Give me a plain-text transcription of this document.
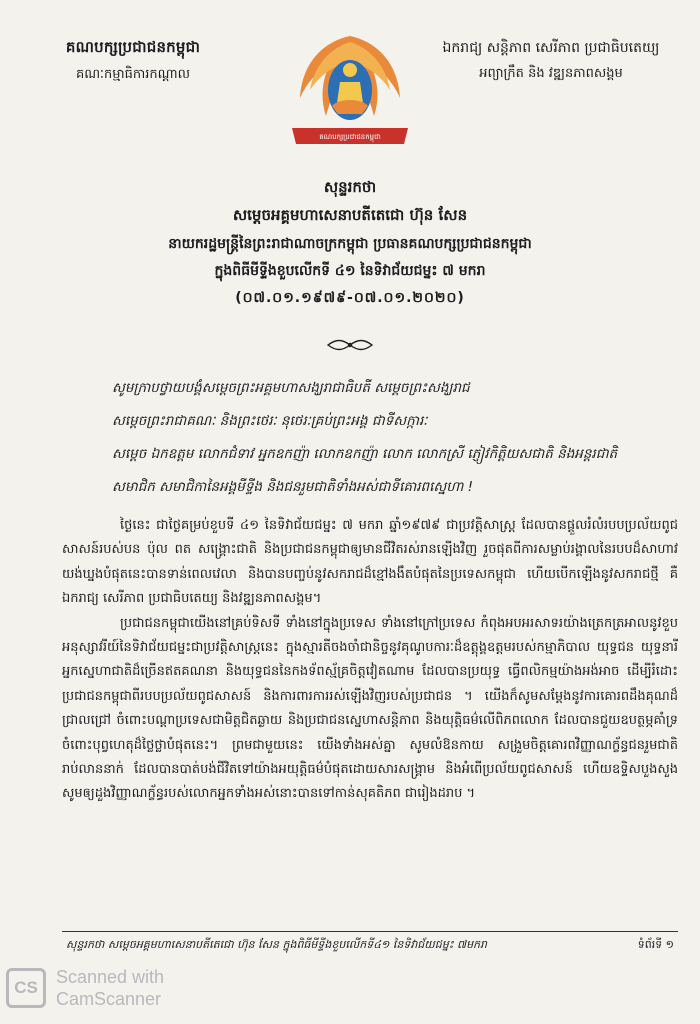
គណបក្សប្រជាជនកម្ពុជា
គណៈកម្មាធិការកណ្ដាល
គណបក្សប្រជាជនកម្ពុជា
ឯករាជ្យ សន្តិភាព សេរីភាព ប្រជាធិបតេយ្យ
អព្យាក្រឹត និង វឌ្ឍនភាពសង្គម
សុន្ទរកថា
សម្ដេចអគ្គមហាសេនាបតីតេជោ ហ៊ុន សែន
នាយករដ្ឋមន្ត្រីនៃព្រះរាជាណាចក្រកម្ពុជា ប្រធានគណបក្សប្រជាជនកម្ពុជា
ក្នុងពិធីមីទ្ទីងខួបលើកទី ៤១ នៃទិវាជ័យជម្នះ ៧ មករា
(០៧.០១.១៩៧៩-០៧.០១.២០២០)
សូមក្រាបថ្វាយបង្គំសម្ដេចព្រះអគ្គមហាសង្ឃរាជាធិបតី សម្ដេចព្រះសង្ឃរាជ
សម្ដេចព្រះរាជាគណៈ និងព្រះថេរៈ នុថេរៈគ្រប់ព្រះអង្គ ជាទីសក្ការៈ
សម្ដេច ឯកឧត្តម លោកជំទាវ អ្នកឧកញ៉ា លោកឧកញ៉ា លោក លោកស្រី ភ្ញៀវកិត្តិយសជាតិ និងអន្តរជាតិ
សមាជិក សមាជិកានៃអង្គមីទ្ទីង និងជនរួមជាតិទាំងអស់ជាទីគោរពស្នេហា !

ថ្ងៃនេះ ជាថ្ងៃគម្រប់ខួបទី ៤១ នៃទិវាជ័យជម្នះ ៧ មករា ឆ្នាំ១៩៧៩ ជាប្រវត្តិសាស្ត្រ ដែលបានផ្ដួលរំលំរបបប្រល័យពូជសាសន៍របស់បន ប៉ុល ពត សង្គ្រោះជាតិ និងប្រជាជនកម្ពុជាឲ្យមានជីវិតរស់រានឡើងវិញ រួចផុតពីការសម្លាប់រង្គាលនៃរបបដ៏សាហាវយង់ឃ្នងបំផុតនេះបានទាន់ពេលវេលា និងបានបញ្ចប់នូវសករាជដ៏ខ្មៅងងឹតបំផុតនៃប្រទេសកម្ពុជា ហើយបើកឡើងនូវសករាជថ្មី គឺឯករាជ្យ សេរីភាព ប្រជាធិបតេយ្យ និងវឌ្ឍនភាពសង្គម។

ប្រជាជនកម្ពុជាយើងនៅគ្រប់ទិសទី ទាំងនៅក្នុងប្រទេស ទាំងនៅក្រៅប្រទេស កំពុងអបអរសាទរយ៉ាងត្រេកត្រអាលនូវខួបអនុស្សាវរីយ៍នៃទិវាជ័យជម្នះជាប្រវត្តិសាស្ត្រនេះ ក្នុងស្មារតីចងចាំជានិច្ចនូវគុណូបការៈដ៏ឧត្តុង្គឧត្តមរបស់កម្មាភិបាល យុទ្ធជន យុទ្ធនារី អ្នកស្នេហាជាតិដ៏ច្រើនឥតគណនា និងយុទ្ធជននៃកងទ័ពស្ម័គ្រចិត្តវៀតណាម ដែលបានប្រយុទ្ធ ធ្វើពលិកម្មយ៉ាងអង់អាច ដើម្បីរំដោះប្រជាជនកម្ពុជាពីរបបប្រល័យពូជសាសន៍ និងការពារការរស់ឡើងវិញរបស់ប្រជាជន ។ យើងក៏សូមសម្ដែងនូវការគោរពដឹងគុណដ៏ជ្រាលជ្រៅ ចំពោះបណ្ដាប្រទេសជាមិត្តជិតឆ្ងាយ និងប្រជាជនស្នេហាសន្តិភាព និងយុត្តិធម៌លើពិភពលោក ដែលបានជួយឧបត្ថម្ភគាំទ្រចំពោះបុព្វហេតុដ៏ថ្លៃថ្លាបំផុតនេះ។ ព្រមជាមួយនេះ យើងទាំងអស់គ្នា សូមលំឱនកាយ សង្រួមចិត្តគោរពវិញ្ញាណក្ខ័ន្ធជនរួមជាតិរាប់លាននាក់ ដែលបានបាត់បង់ជីវិតទៅយ៉ាងអយុត្តិធម៌បំផុតដោយសារសង្គ្រាម និងអំពើប្រល័យពូជសាសន៍ ហើយឧទ្ទិសបួងសួងសូមឲ្យដួងវិញ្ញាណក្ខ័ន្ធរបស់លោកអ្នកទាំងអស់នោះបានទៅកាន់សុគតិភព ជារៀងដរាប ។

សុន្ទរកថា សម្ដេចអគ្គមហាសេនាបតីតេជោ ហ៊ុន សែន ក្នុងពិធីមីទ្ទីងខួបលើកទី៤១ នៃទិវាជ័យជម្នះ ៧មករា	ទំព័រទី ១
CS
Scanned with
CamScanner
